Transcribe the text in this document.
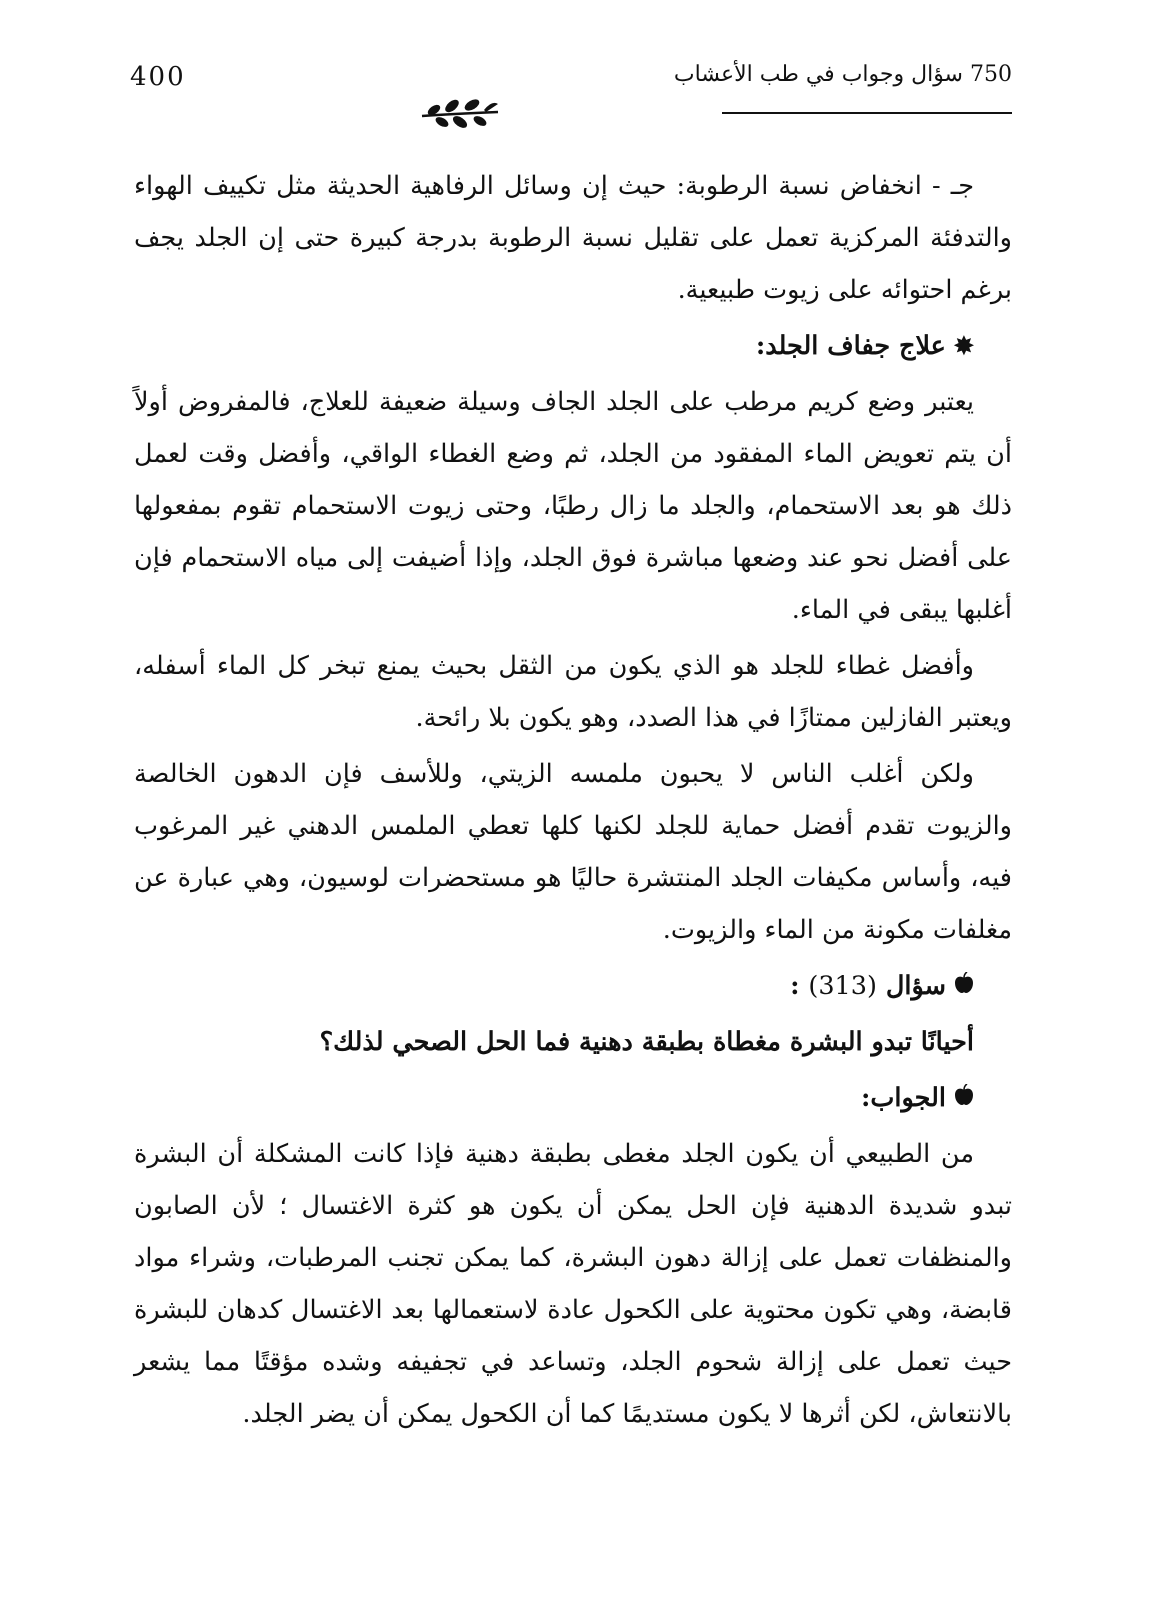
400	750 سؤال وجواب في طب الأعشاب

جـ - انخفاض نسبة الرطوبة: حيث إن وسائل الرفاهية الحديثة مثل تكييف الهواء والتدفئة المركزية تعمل على تقليل نسبة الرطوبة بدرجة كبيرة حتى إن الجلد يجف برغم احتوائه على زيوت طبيعية.

✸علاج جفاف الجلد:

يعتبر وضع كريم مرطب على الجلد الجاف وسيلة ضعيفة للعلاج، فالمفروض أولاً أن يتم تعويض الماء المفقود من الجلد، ثم وضع الغطاء الواقي، وأفضل وقت لعمل ذلك هو بعد الاستحمام، والجلد ما زال رطبًا، وحتى زيوت الاستحمام تقوم بمفعولها على أفضل نحو عند وضعها مباشرة فوق الجلد، وإذا أضيفت إلى مياه الاستحمام فإن أغلبها يبقى في الماء.

وأفضل غطاء للجلد هو الذي يكون من الثقل بحيث يمنع تبخر كل الماء أسفله، ويعتبر الفازلين ممتازًا في هذا الصدد، وهو يكون بلا رائحة.

ولكن أغلب الناس لا يحبون ملمسه الزيتي، وللأسف فإن الدهون الخالصة والزيوت تقدم أفضل حماية للجلد لكنها كلها تعطي الملمس الدهني غير المرغوب فيه، وأساس مكيفات الجلد المنتشرة حاليًا هو مستحضرات لوسيون، وهي عبارة عن مغلفات مكونة من الماء والزيوت.

سؤال (313) :

أحيانًا تبدو البشرة مغطاة بطبقة دهنية فما الحل الصحي لذلك؟

الجواب:

من الطبيعي أن يكون الجلد مغطى بطبقة دهنية فإذا كانت المشكلة أن البشرة تبدو شديدة الدهنية فإن الحل يمكن أن يكون هو كثرة الاغتسال ؛ لأن الصابون والمنظفات تعمل على إزالة دهون البشرة، كما يمكن تجنب المرطبات، وشراء مواد قابضة، وهي تكون محتوية على الكحول عادة لاستعمالها بعد الاغتسال كدهان للبشرة حيث تعمل على إزالة شحوم الجلد، وتساعد في تجفيفه وشده مؤقتًا مما يشعر بالانتعاش، لكن أثرها لا يكون مستديمًا كما أن الكحول يمكن أن يضر الجلد.
